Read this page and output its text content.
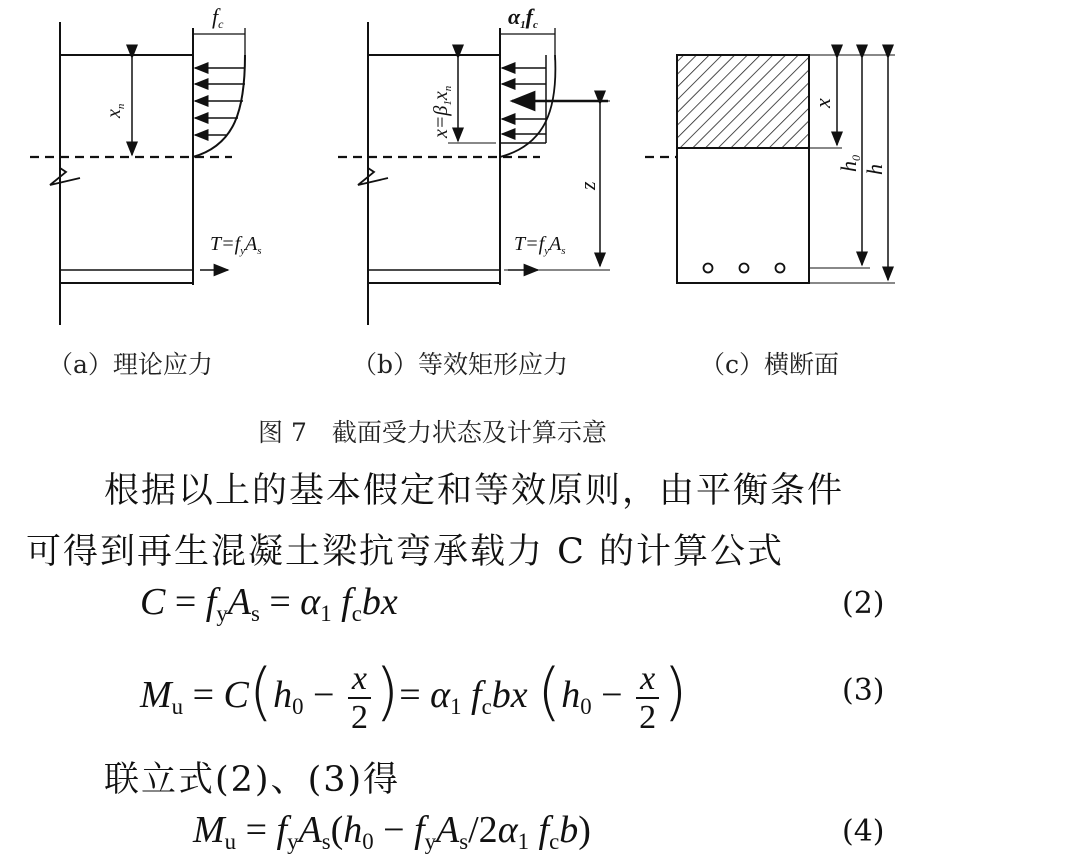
fc	α1fc
$x_n$	$x=\beta_1x_n$
z
$T=f_yA_s$	$T=f_yA_s$
x
h0
h
（a）理论应力	（b）等效矩形应力	（c）横断面
图 7　截面受力状态及计算示意
根据以上的基本假定和等效原则，由平衡条件
可得到再生混凝土梁抗弯承载力 C 的计算公式
$C = f_yA_s = \alpha_1$ $f_cbx$	(2)
$M_u = C(h_0 - \frac{x}{2}$ )= $\alpha_1$ $f_cbx$ ($h_0 - \frac{x}{2}$ )	(3)
联立式(2)、(3)得
$M_u = f_yA_s(h_0 - f_yA_s/2\alpha_1$ $f_cb$)	(4)
